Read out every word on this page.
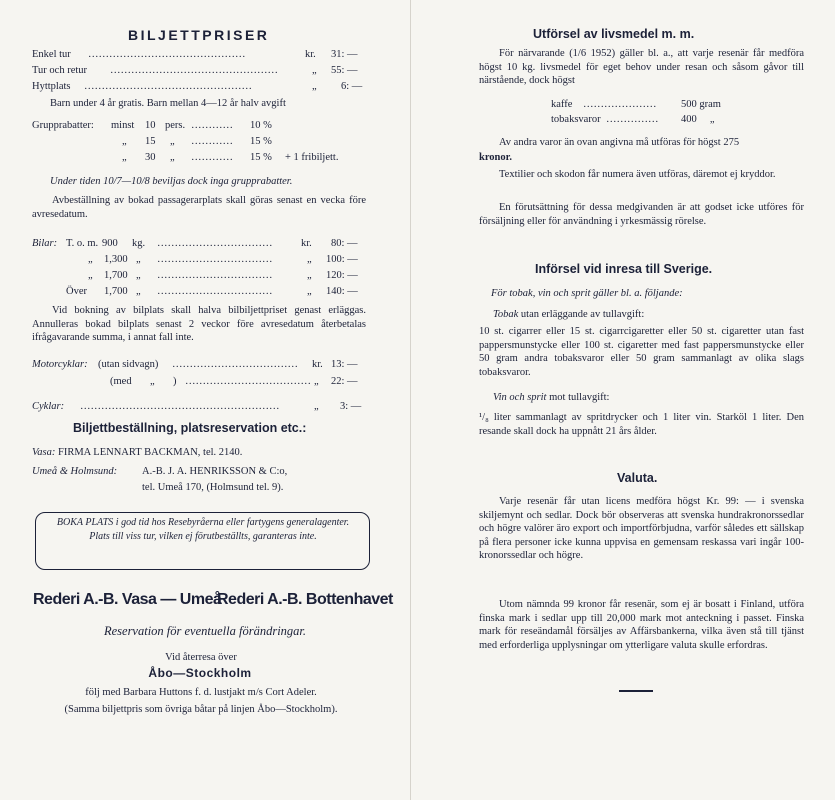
BILJETTPRISER
Enkel tur ………………………………………	kr. 31: —
Tur och retur …………………………………………	„ 55: —
Hyttplats …………………………………………	„ 6: —
Barn under 4 år gratis. Barn mellan 4—12 år halv avgift
Grupprabatter: minst 10 pers. …………	10 %
„ 15 „ …………	15 %
„ 30 „ …………	15 % + 1 fribiljett.
Under tiden 10/7—10/8 beviljas dock inga grupprabatter.
Avbeställning av bokad passagerarplats skall göras senast en vecka före avresedatum.
Bilar: T. o. m. 900 kg. ……………………………	kr. 80: —
„ 1,300 „ ……………………………	„ 100: —
„ 1,700 „ ……………………………	„ 120: —
Över 1,700 „ ……………………………	„ 140: —
Vid bokning av bilplats skall halva bilbiljettpriset genast erläggas. Annulleras bokad bilplats senast 2 veckor före avresedatum återbetalas ifrågavarande summa, i annat fall inte.
Motorcyklar: (utan sidvagn) ……………………………… kr. 13: —
(med       „       ) ……………………………… „ 22: —
Cyklar: …………………………………………………	„ 3: —
Biljettbeställning, platsreservation etc.:
Vasa: FIRMA LENNART BACKMAN, tel. 2140.
Umeå & Holmsund: A.-B. J. A. HENRIKSSON & C:o,
tel. Umeå 170, (Holmsund tel. 9).
BOKA PLATS i god tid hos Resebyråerna eller fartygens generalagenter. Plats till viss tur, vilken ej förutbeställts, garanteras inte.
Rederi A.-B. Vasa — Umeå
Rederi A.-B. Bottenhavet
Reservation för eventuella förändringar.
Vid återresa över
Åbo—Stockholm
följ med Barbara Huttons f. d. lustjakt m/s Cort Adeler.
(Samma biljettpris som övriga båtar på linjen Åbo—Stockholm).
Utförsel av livsmedel m. m.
För närvarande (1/6 1952) gäller bl. a., att varje resenär får medföra högst 10 kg. livsmedel för eget behov under resan och såsom gåvor till närstående, dock högst
kaffe …………………	500 gram
tobaksvaror ……………	400     „
Av andra varor än ovan angivna må utföras för högst 275
kronor.
Textilier och skodon får numera även utföras, däremot ej kryddor.
En förutsättning för dessa medgivanden är att godset icke utföres för försäljning eller för användning i yrkesmässig rörelse.
Införsel vid inresa till Sverige.
För tobak, vin och sprit gäller bl. a. följande:
Tobak utan erläggande av tullavgift:
10 st. cigarrer eller 15 st. cigarrcigaretter eller 50 st. cigaretter utan fast pappersmunstycke eller 100 st. cigaretter med fast pappersmunstycke eller 50 gram andra tobaksvaror eller 50 gram sammanlagt av olika slags tobaksvaror.
Vin och sprit mot tullavgift:
¹/₈ liter sammanlagt av spritdrycker och 1 liter vin. Starköl 1 liter. Den resande skall dock ha uppnått 21 års ålder.
Valuta.
Varje resenär får utan licens medföra högst Kr. 99: — i svenska skiljemynt och sedlar. Dock bör observeras att svenska hundrakronorssedlar och högre valörer äro export och importförbjudna, varför således ett sällskap på flera personer icke kunna uppvisa en gemensam reskassa vari ingår 100-kronorssedlar och högre.
Utom nämnda 99 kronor får resenär, som ej är bosatt i Finland, utföra finska mark i sedlar upp till 20,000 mark mot anteckning i passet. Finska mark för reseändamål försäljes av Affärsbankerna, vilka även stå till tjänst med erforderliga upplysningar om ytterligare valuta skulle erfordras.
